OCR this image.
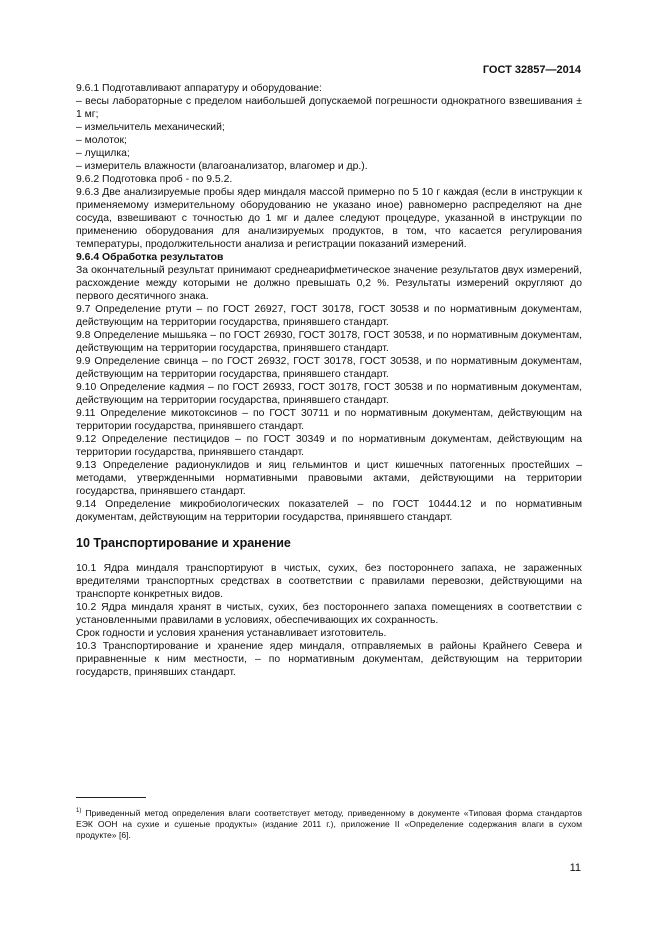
ГОСТ 32857—2014

9.6.1 Подготавливают аппаратуру и оборудование:

– весы лабораторные с пределом наибольшей допускаемой погрешности однократного взвешивания ± 1 мг;

– измельчитель механический;

– молоток;

– лущилка;

– измеритель влажности (влагоанализатор, влагомер и др.).

9.6.2 Подготовка проб - по 9.5.2.

9.6.3 Две анализируемые пробы ядер миндаля массой примерно по 5 10 г каждая (если в инструкции к применяемому измерительному оборудованию не указано иное) равномерно распределяют на дне сосуда, взвешивают с точностью до 1 мг и далее следуют процедуре, указанной в инструкции по применению оборудования для анализируемых продуктов, в том, что касается регулирования температуры, продолжительности анализа и регистрации показаний измерений.

9.6.4 Обработка результатов

За окончательный результат принимают среднеарифметическое значение результатов двух измерений, расхождение между которыми не должно превышать 0,2 %. Результаты измерений округляют до первого десятичного знака.

9.7 Определение ртути – по ГОСТ 26927, ГОСТ 30178, ГОСТ 30538 и по нормативным документам, действующим на территории государства, принявшего стандарт.

9.8 Определение мышьяка – по ГОСТ 26930, ГОСТ 30178, ГОСТ 30538, и по нормативным документам, действующим на территории государства, принявшего стандарт.

9.9 Определение свинца – по ГОСТ 26932, ГОСТ 30178, ГОСТ 30538, и по нормативным документам, действующим на территории государства, принявшего стандарт.

9.10 Определение кадмия – по ГОСТ 26933, ГОСТ 30178, ГОСТ 30538 и по нормативным документам, действующим на территории государства, принявшего стандарт.

9.11 Определение микотоксинов – по ГОСТ 30711 и по нормативным документам, действующим на территории государства, принявшего стандарт.

9.12 Определение пестицидов – по ГОСТ 30349 и по нормативным документам, действующим на территории государства, принявшего стандарт.

9.13 Определение радионуклидов и яиц гельминтов и цист кишечных патогенных простейших – методами, утвержденными нормативными правовыми актами, действующими на территории государства, принявшего стандарт.

9.14 Определение микробиологических показателей – по ГОСТ 10444.12 и по нормативным документам, действующим на территории государства, принявшего стандарт.

10 Транспортирование и хранение

10.1 Ядра миндаля транспортируют в чистых, сухих, без постороннего запаха, не зараженных вредителями транспортных средствах в соответствии с правилами перевозки, действующими на транспорте конкретных видов.

10.2 Ядра миндаля хранят в чистых, сухих, без постороннего запаха помещениях в соответствии с установленными правилами в условиях, обеспечивающих их сохранность.

Срок годности и условия хранения устанавливает изготовитель.

10.3 Транспортирование и хранение ядер миндаля, отправляемых в районы Крайнего Севера и приравненные к ним местности, – по нормативным документам, действующим на территории государств, принявших стандарт.

$^{1)}$ Приведенный метод определения влаги соответствует методу, приведенному в документе «Типовая форма стандартов ЕЭК ООН на сухие и сушеные продукты» (издание 2011 г.), приложение II «Определение содержания влаги в сухом продукте» [6].
11
